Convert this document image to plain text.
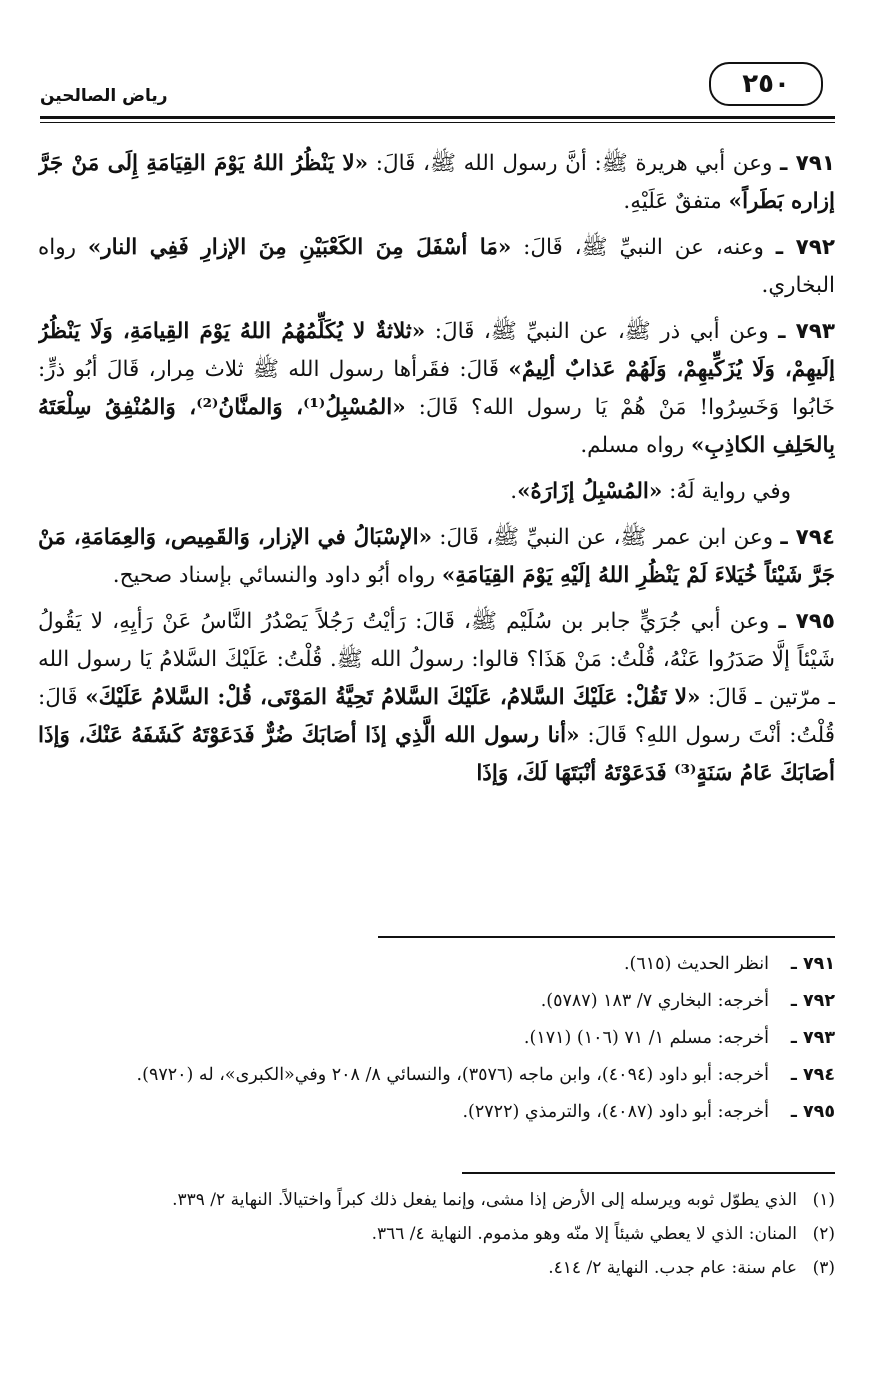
٢٥٠
رياض الصالحين

٧٩١ ـ وعن أبي هريرة ﷺ: أنَّ رسول الله ﷺ، قَالَ: «لا يَنْظُرُ اللهُ يَوْمَ القِيَامَةِ إِلَى مَنْ جَرَّ إزاره بَطَراً» متفقٌ عَلَيْهِ.

٧٩٢ ـ وعنه، عن النبيِّ ﷺ، قَالَ: «مَا أسْفَلَ مِنَ الكَعْبَيْنِ مِنَ الإزارِ فَفِي النار» رواه البخاري.

٧٩٣ ـ وعن أبي ذر ﷺ، عن النبيِّ ﷺ، قَالَ: «ثلاثةٌ لا يُكَلِّمُهُمُ اللهُ يَوْمَ القِيامَةِ، وَلَا يَنْظُرُ إلَيهِمْ، وَلَا يُزَكِّيهِمْ، وَلَهُمْ عَذابٌ ألِيمٌ» قَالَ: فقَرأها رسول الله ﷺ ثلاث مِرار، قَالَ أبُو ذرٍّ: خَابُوا وَخَسِرُوا! مَنْ هُمْ يَا رسول الله؟ قَالَ: «المُسْبِلُ⁽¹⁾، وَالمنَّانُ⁽²⁾، وَالمُنْفِقُ سِلْعَتَهُ بِالحَلِفِ الكاذِبِ» رواه مسلم.

وفي رواية لَهُ: «المُسْبِلُ إزَارَهُ».

٧٩٤ ـ وعن ابن عمر ﷺ، عن النبيِّ ﷺ، قَالَ: «الإسْبَالُ في الإزار، وَالقَمِيص، وَالعِمَامَةِ، مَنْ جَرَّ شَيْئاً خُيَلاءَ لَمْ يَنْظُرِ اللهُ إلَيْهِ يَوْمَ القِيَامَةِ» رواه أبُو داود والنسائي بإسناد صحيح.

٧٩٥ ـ وعن أبي جُرَيٍّ جابر بن سُلَيْم ﷺ، قَالَ: رَأيْتُ رَجُلاً يَصْدُرُ النَّاسُ عَنْ رَأيِهِ، لا يَقُولُ شَيْئاً إلَّا صَدَرُوا عَنْهُ، قُلْتُ: مَنْ هَذَا؟ قالوا: رسولُ الله ﷺ. قُلْتُ: عَلَيْكَ السَّلامُ يَا رسول الله ـ مرّتين ـ قَالَ: «لا تَقُلْ: عَلَيْكَ السَّلامُ، عَلَيْكَ السَّلامُ تَحِيَّةُ المَوْتَى، قُلْ: السَّلامُ عَلَيْكَ» قَالَ: قُلْتُ: أنْتَ رسول اللهِ؟ قَالَ: «أنا رسول الله الَّذِي إذَا أصَابَكَ ضُرٌّ فَدَعَوْتَهُ كَشَفَهُ عَنْكَ، وَإذَا أصَابَكَ عَامُ سَنَةٍ⁽³⁾ فَدَعَوْتَهُ أنْبَتَهَا لَكَ، وَإذَا

٧٩١ ـ
انظر الحديث (٦١٥).
٧٩٢ ـ
أخرجه: البخاري ٧/ ١٨٣ (٥٧٨٧).
٧٩٣ ـ
أخرجه: مسلم ١/ ٧١ (١٠٦) (١٧١).
٧٩٤ ـ
أخرجه: أبو داود (٤٠٩٤)، وابن ماجه (٣٥٧٦)، والنسائي ٨/ ٢٠٨ وفي«الكبرى»، له (٩٧٢٠).
٧٩٥ ـ
أخرجه: أبو داود (٤٠٨٧)، والترمذي (٢٧٢٢).
(١)
الذي يطوّل ثوبه ويرسله إلى الأرض إذا مشى، وإنما يفعل ذلك كبراً واختيالاً. النهاية ٢/ ٣٣٩.
(٢)
المنان: الذي لا يعطي شيئاً إلا منّه وهو مذموم. النهاية ٤/ ٣٦٦.
(٣)
عام سنة: عام جدب. النهاية ٢/ ٤١٤.
